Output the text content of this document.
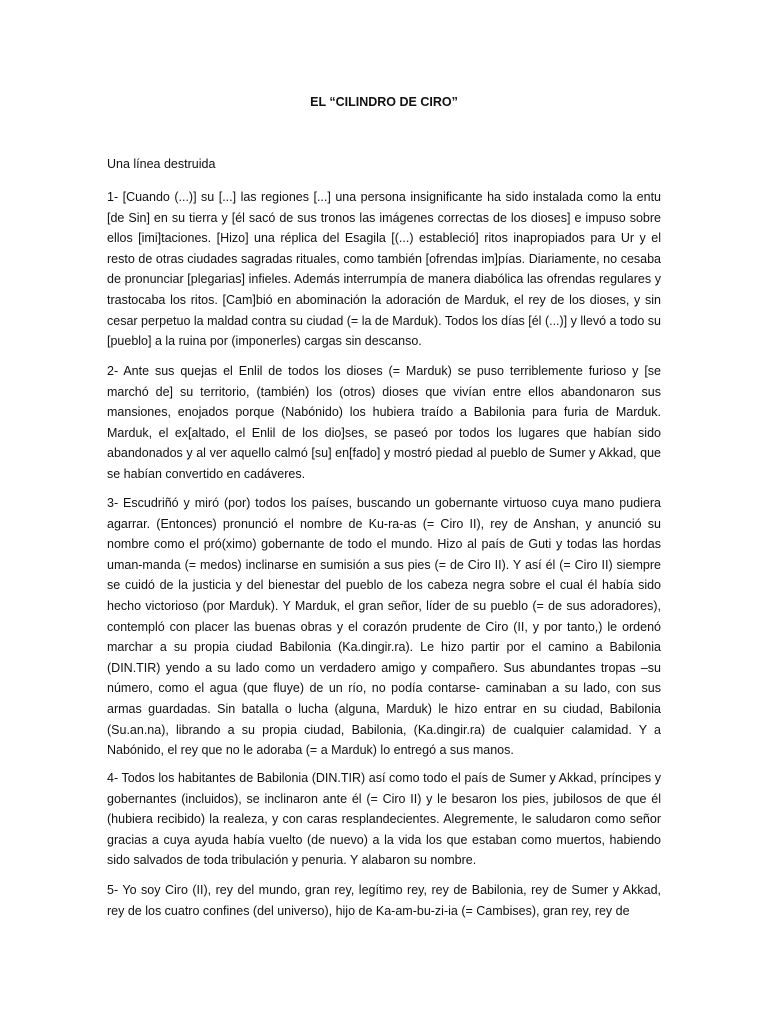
EL “CILINDRO DE CIRO”
Una línea destruida

1- [Cuando (...)] su [...] las regiones [...] una persona insignificante ha sido instalada como la entu [de Sin] en su tierra y [él sacó de sus tronos las imágenes correctas de los dioses] e impuso sobre ellos [imi]taciones. [Hizo] una réplica del Esagila [(...) estableció] ritos inapropiados para Ur y el resto de otras ciudades sagradas rituales, como también [ofrendas im]pías. Diariamente, no cesaba de pronunciar [plegarias] infieles. Además interrumpía de manera diabólica las ofrendas regulares y trastocaba los ritos. [Cam]bió en abominación la adoración de Marduk, el rey de los dioses, y sin cesar perpetuo la maldad contra su ciudad (= la de Marduk). Todos los días [él (...)] y llevó a todo su [pueblo] a la ruina por (imponerles) cargas sin descanso.

2- Ante sus quejas el Enlil de todos los dioses (= Marduk) se puso terriblemente furioso y [se marchó de] su territorio, (también) los (otros) dioses que vivían entre ellos abandonaron sus mansiones, enojados porque (Nabónido) los hubiera traído a Babilonia para furia de Marduk. Marduk, el ex[altado, el Enlil de los dio]ses, se paseó por todos los lugares que habían sido abandonados y al ver aquello calmó [su] en[fado] y mostró piedad al pueblo de Sumer y Akkad, que se habían convertido en cadáveres.

3- Escudriñó y miró (por) todos los países, buscando un gobernante virtuoso cuya mano pudiera agarrar. (Entonces) pronunció el nombre de Ku-ra-as (= Ciro II), rey de Anshan, y anunció su nombre como el pró(ximo) gobernante de todo el mundo. Hizo al país de Guti y todas las hordas uman-manda (= medos) inclinarse en sumisión a sus pies (= de Ciro II). Y así él (= Ciro II) siempre se cuidó de la justicia y del bienestar del pueblo de los cabeza negra sobre el cual él había sido hecho victorioso (por Marduk). Y Marduk, el gran señor, líder de su pueblo (= de sus adoradores), contempló con placer las buenas obras y el corazón prudente de Ciro (II, y por tanto,) le ordenó marchar a su propia ciudad Babilonia (Ka.dingir.ra). Le hizo partir por el camino a Babilonia (DIN.TIR) yendo a su lado como un verdadero amigo y compañero. Sus abundantes tropas –su número, como el agua (que fluye) de un río, no podía contarse- caminaban a su lado, con sus armas guardadas. Sin batalla o lucha (alguna, Marduk) le hizo entrar en su ciudad, Babilonia (Su.an.na), librando a su propia ciudad, Babilonia, (Ka.dingir.ra) de cualquier calamidad. Y a Nabónido, el rey que no le adoraba (= a Marduk) lo entregó a sus manos.

4- Todos los habitantes de Babilonia (DIN.TIR) así como todo el país de Sumer y Akkad, príncipes y gobernantes (incluidos), se inclinaron ante él (= Ciro II) y le besaron los pies, jubilosos de que él (hubiera recibido) la realeza, y con caras resplandecientes. Alegremente, le saludaron como señor gracias a cuya ayuda había vuelto (de nuevo) a la vida los que estaban como muertos, habiendo sido salvados de toda tribulación y penuria. Y alabaron su nombre.

5- Yo soy Ciro (II), rey del mundo, gran rey, legítimo rey, rey de Babilonia, rey de Sumer y Akkad, rey de los cuatro confines (del universo), hijo de Ka-am-bu-zi-ia (= Cambises), gran rey, rey de
